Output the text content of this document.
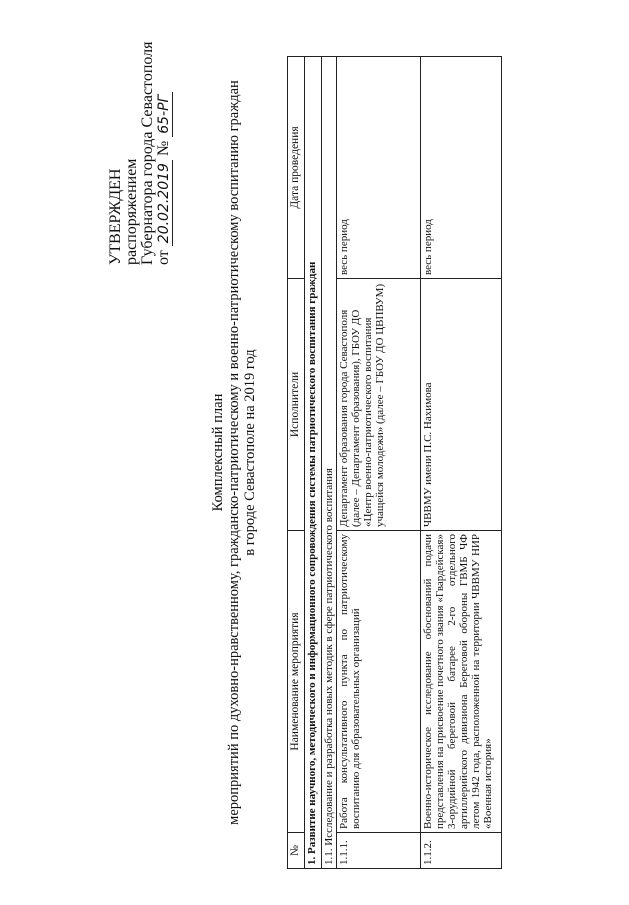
УТВЕРЖДЕН распоряжением Губернатора города Севастополя от 20.02.2019 № 65-РГ
Комплексный план мероприятий по духовно-нравственному, гражданско-патриотическому и военно-патриотическому воспитанию граждан в городе Севастополе на 2019 год
№	Наименование мероприятия	Исполнители	Дата проведения
1. Развитие научного, методического и информационного сопровождения системы патриотического воспитания граждан			
1.1. Исследование и разработка новых методик в сфере патриотического воспитания			
1.1.1.	Работа консультативного пункта по патриотическому воспитанию для образовательных организаций	Департамент образования города Севастополя (далее – Департамент образования), ГБОУ ДО «Центр военно-патриотического воспитания учащейся молодежи» (далее – ГБОУ ДО ЦВПВУМ)	весь период
1.1.2.	Военно-историческое исследование обоснований подачи представления на присвоение почетного звания «Гвардейская» 3-орудийной береговой батарее 2-го отдельного артиллерийского дивизиона Береговой обороны ГВМБ ЧФ летом 1942 года, расположенной на территории ЧВВМУ НИР «Военная история»	ЧВВМУ имени П.С. Нахимова	весь период
